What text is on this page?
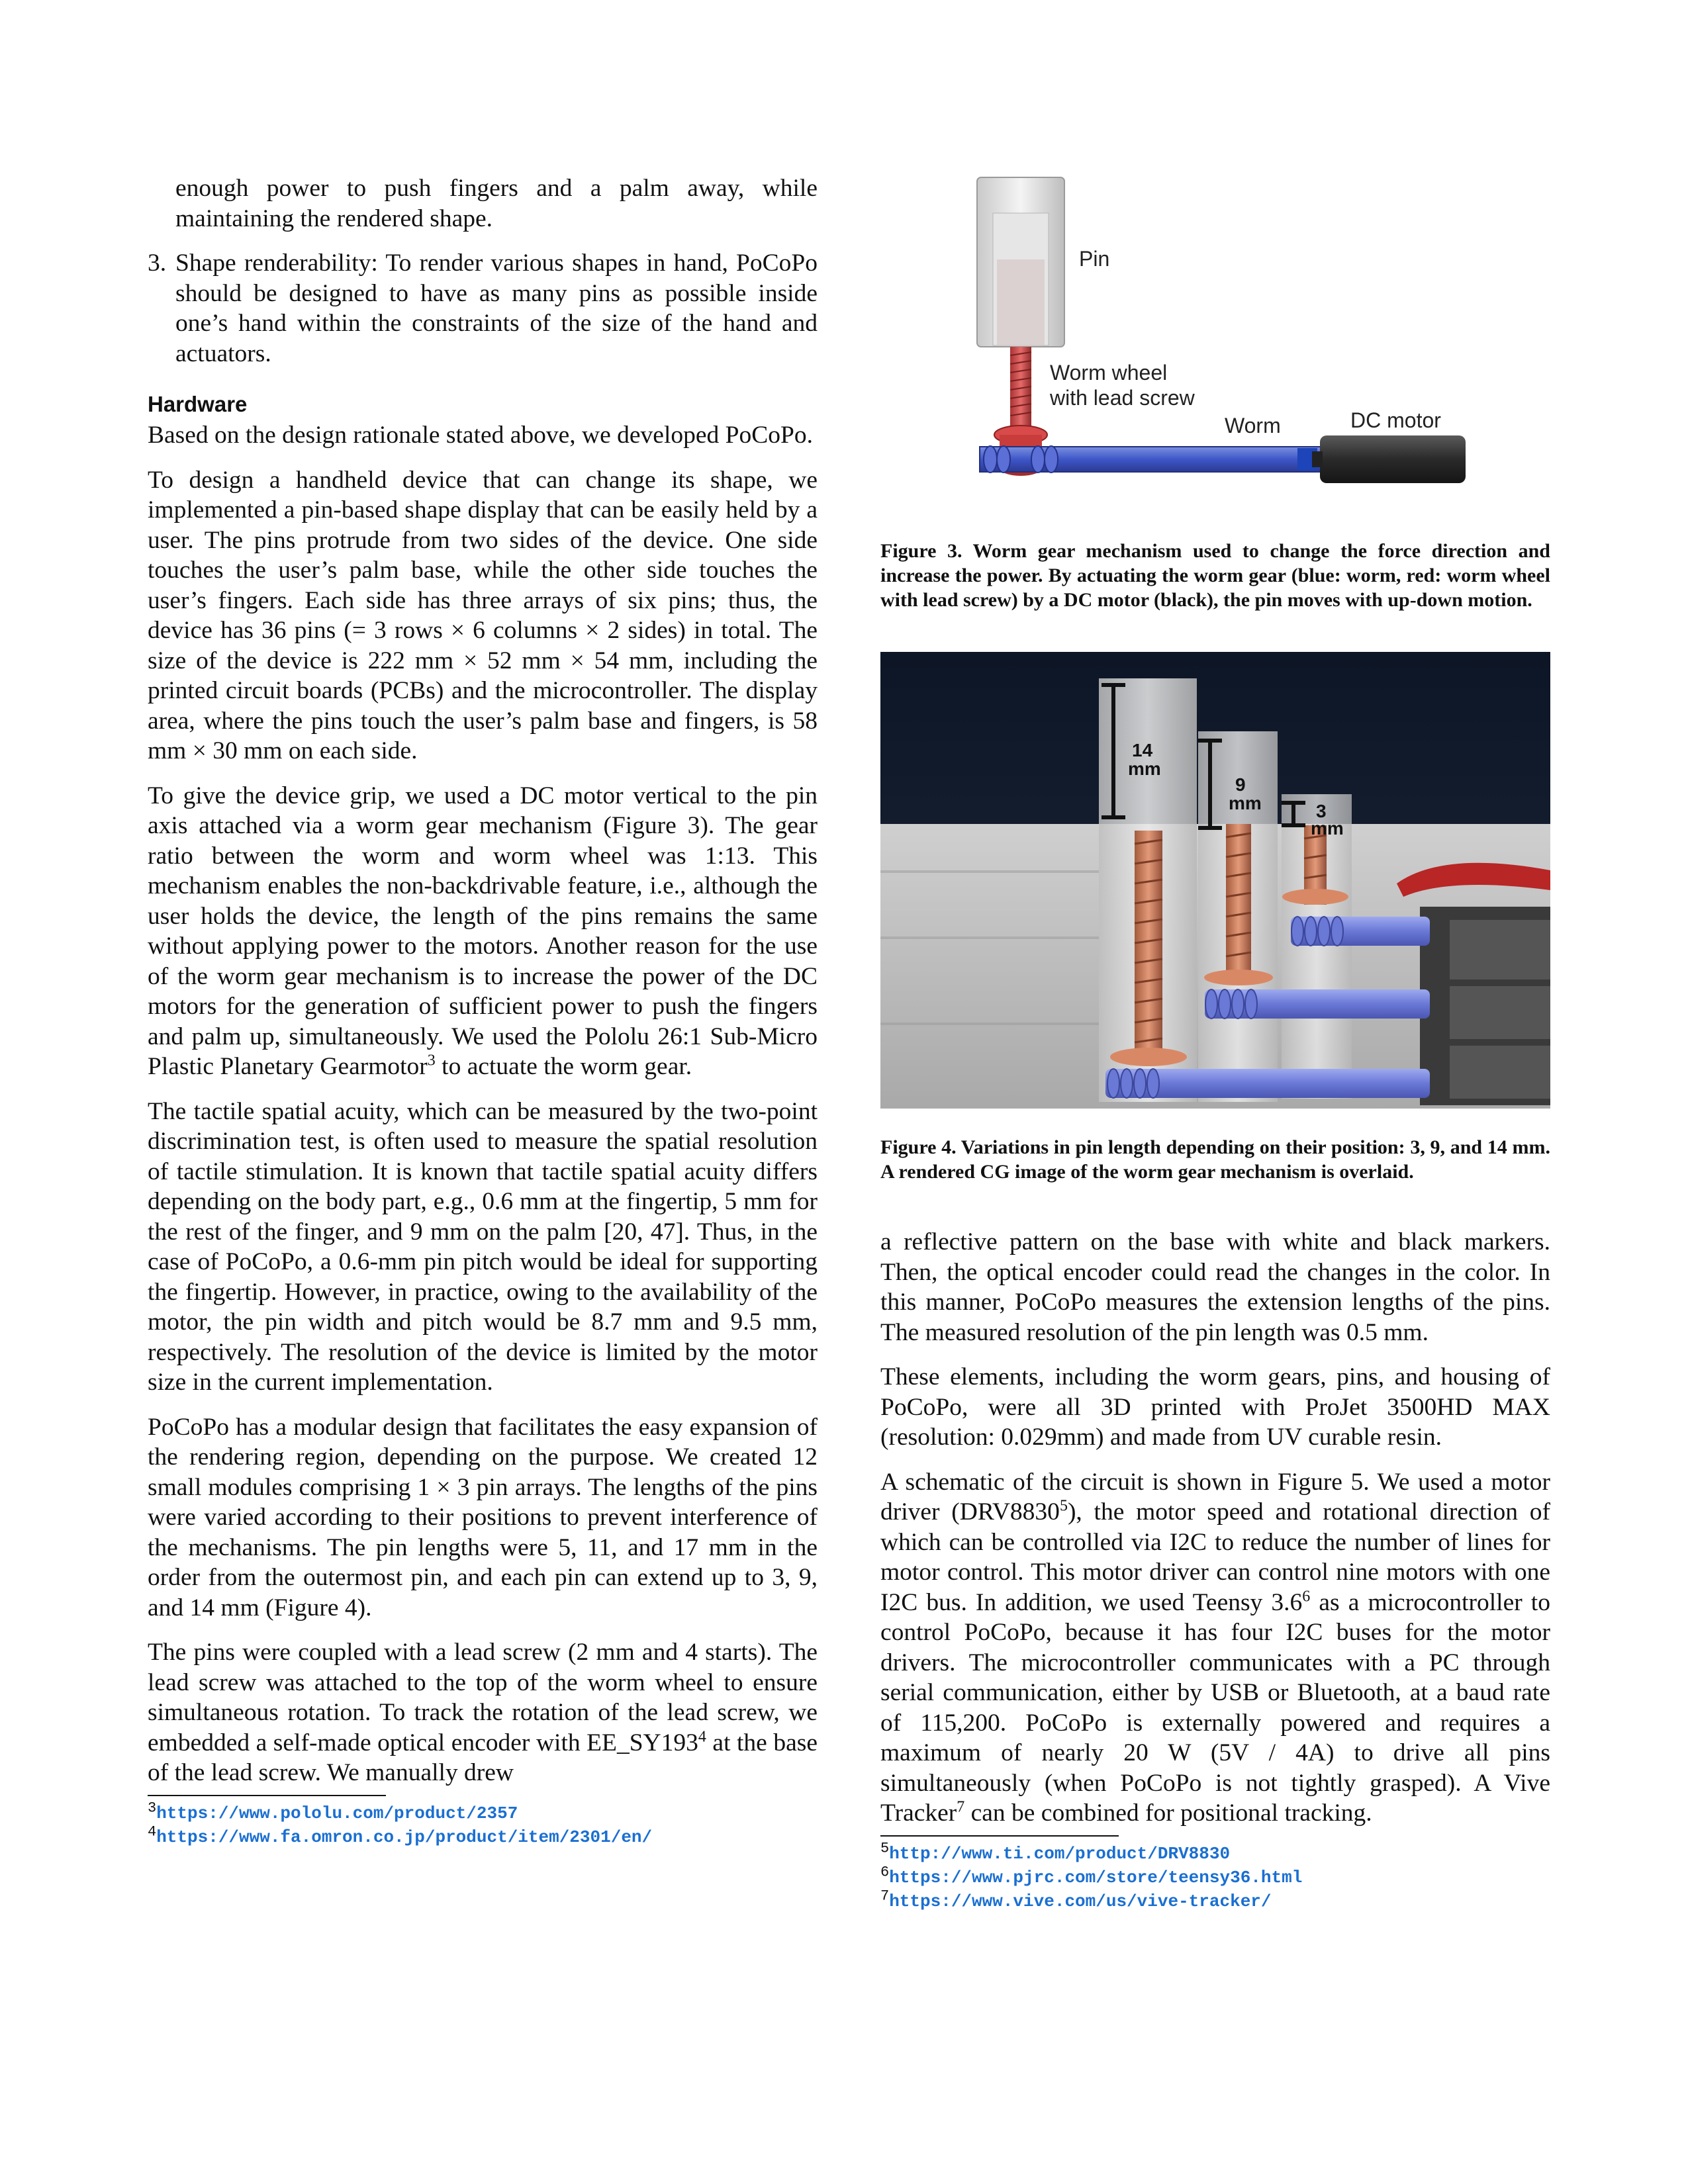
enough power to push fingers and a palm away, while maintaining the rendered shape.
3. Shape renderability: To render various shapes in hand, PoCoPo should be designed to have as many pins as possible inside one’s hand within the constraints of the size of the hand and actuators.
Hardware

Based on the design rationale stated above, we developed PoCoPo.

To design a handheld device that can change its shape, we implemented a pin-based shape display that can be easily held by a user. The pins protrude from two sides of the device. One side touches the user’s palm base, while the other side touches the user’s fingers. Each side has three arrays of six pins; thus, the device has 36 pins (= 3 rows × 6 columns × 2 sides) in total. The size of the device is 222 mm × 52 mm × 54 mm, including the printed circuit boards (PCBs) and the microcontroller. The display area, where the pins touch the user’s palm base and fingers, is 58 mm × 30 mm on each side.

To give the device grip, we used a DC motor vertical to the pin axis attached via a worm gear mechanism (Figure 3). The gear ratio between the worm and worm wheel was 1:13. This mechanism enables the non-backdrivable feature, i.e., although the user holds the device, the length of the pins remains the same without applying power to the motors. Another reason for the use of the worm gear mechanism is to increase the power of the DC motors for the generation of sufficient power to push the fingers and palm up, simultaneously. We used the Pololu 26:1 Sub-Micro Plastic Planetary Gearmotor$^3$ to actuate the worm gear.

The tactile spatial acuity, which can be measured by the two-point discrimination test, is often used to measure the spatial resolution of tactile stimulation. It is known that tactile spatial acuity differs depending on the body part, e.g., 0.6 mm at the fingertip, 5 mm for the rest of the finger, and 9 mm on the palm [20, 47]. Thus, in the case of PoCoPo, a 0.6-mm pin pitch would be ideal for supporting the fingertip. However, in practice, owing to the availability of the motor, the pin width and pitch would be 8.7 mm and 9.5 mm, respectively. The resolution of the device is limited by the motor size in the current implementation.

PoCoPo has a modular design that facilitates the easy expansion of the rendering region, depending on the purpose. We created 12 small modules comprising 1 × 3 pin arrays. The lengths of the pins were varied according to their positions to prevent interference of the mechanisms. The pin lengths were 5, 11, and 17 mm in the order from the outermost pin, and each pin can extend up to 3, 9, and 14 mm (Figure 4).

The pins were coupled with a lead screw (2 mm and 4 starts). The lead screw was attached to the top of the worm wheel to ensure simultaneous rotation. To track the rotation of the lead screw, we embedded a self-made optical encoder with $EE\_SY193^4$ at the base of the lead screw. We manually drew

$^3$https://www.pololu.com/product/2357

$^4$https://www.fa.omron.co.jp/product/item/2301/en/

Pin
Worm wheel
with lead screw
Worm	DC motor

Figure 3. Worm gear mechanism used to change the force direction and increase the power. By actuating the worm gear (blue: worm, red: worm wheel with lead screw) by a DC motor (black), the pin moves with up-down motion.

14
mm
9
mm	3
mm

Figure 4. Variations in pin length depending on their position: 3, 9, and 14 mm. A rendered CG image of the worm gear mechanism is overlaid.

a reflective pattern on the base with white and black markers. Then, the optical encoder could read the changes in the color. In this manner, PoCoPo measures the extension lengths of the pins. The measured resolution of the pin length was 0.5 mm.

These elements, including the worm gears, pins, and housing of PoCoPo, were all 3D printed with ProJet 3500HD MAX (resolution: 0.029mm) and made from UV curable resin.

A schematic of the circuit is shown in Figure 5. We used a motor driver (DRV8830$^5$), the motor speed and rotational direction of which can be controlled via I2C to reduce the number of lines for motor control. This motor driver can control nine motors with one I2C bus. In addition, we used Teensy $3.6^6$ as a microcontroller to control PoCoPo, because it has four I2C buses for the motor drivers. The microcontroller communicates with a PC through serial communication, either by USB or Bluetooth, at a baud rate of 115,200. PoCoPo is externally powered and requires a maximum of nearly 20 W (5V / 4A) to drive all pins simultaneously (when PoCoPo is not tightly grasped). A Vive Tracker$^7$ can be combined for positional tracking.

$^5$http://www.ti.com/product/DRV8830

$^6$https://www.pjrc.com/store/teensy36.html

$^7$https://www.vive.com/us/vive-tracker/
